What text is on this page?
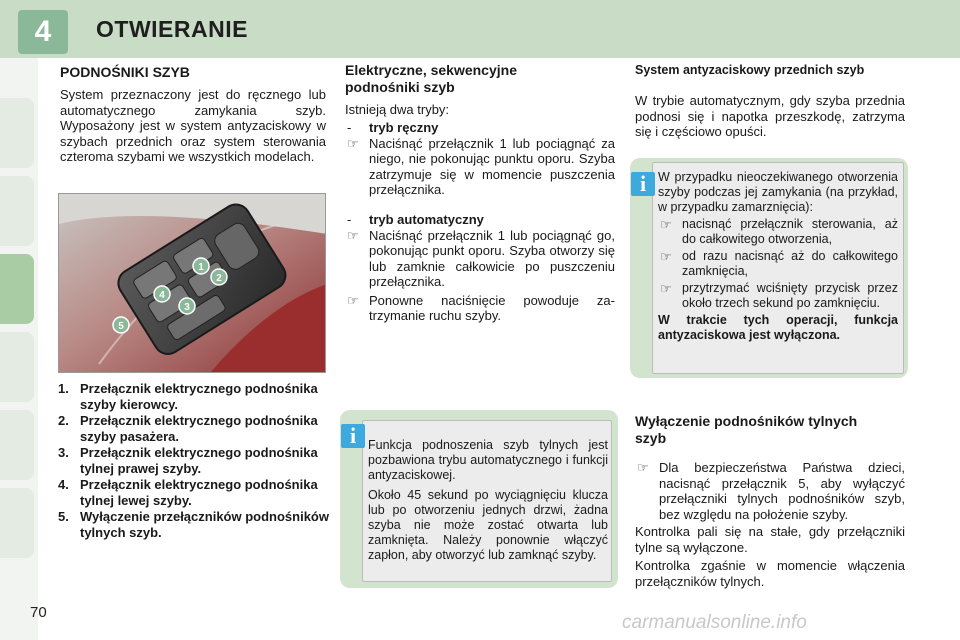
4 OTWIERANIE
PODNOŚNIKI SZYB
System przeznaczony jest do ręcznego lub automatycznego zamykania szyb. Wyposażony jest w system antyzaciskowy w szybach przednich oraz system sterowania czteroma szybami we wszystkich modelach.
1
2
3
4
5
1. Przełącznik elektrycznego podnośnika szyby kierowcy.
2. Przełącznik elektrycznego podnośnika szyby pasażera.
3. Przełącznik elektrycznego podnośnika tylnej prawej szyby.
4. Przełącznik elektrycznego podnośnika tylnej lewej szyby.
5. Wyłączenie przełączników podnośników tylnych szyb.
Elektryczne, sekwencyjne podnośniki szyb
Istnieją dwa tryby:
-	tryb ręczny
☞ Naciśnąć przełącznik 1 lub pociągnąć za niego, nie pokonując punktu oporu. Szyba zatrzymuje się w momencie puszczenia przełącznika.
-	tryb automatyczny
☞ Naciśnąć przełącznik 1 lub pociągnąć go, pokonując punkt oporu. Szyba otworzy się lub zamknie całkowicie po puszczeniu przełącznika.
☞ Ponowne naciśnięcie powoduje zatrzymanie ruchu szyby.
i Funkcja podnoszenia szyb tylnych jest pozbawiona trybu automatycznego i funkcji antyzaciskowej.
Około 45 sekund po wyciągnięciu klucza lub po otworzeniu jednych drzwi, żadna szyba nie może zostać otwarta lub zamknięta. Należy ponownie włączyć zapłon, aby otworzyć lub zamknąć szyby.
System antyzaciskowy przednich szyb
W trybie automatycznym, gdy szyba przednia podnosi się i napotka przeszkodę, zatrzyma się i częściowo opuści.
i W przypadku nieoczekiwanego otworzenia szyby podczas jej zamykania (na przykład, w przypadku zamarznięcia):
☞ nacisnąć przełącznik sterowania, aż do całkowitego otworzenia,
☞ od razu nacisnąć aż do całkowitego zamknięcia,
☞ przytrzymać wciśnięty przycisk przez około trzech sekund po zamknięciu.
W trakcie tych operacji, funkcja antyzaciskowa jest wyłączona.
Wyłączenie podnośników tylnych szyb
☞ Dla bezpieczeństwa Państwa dzieci, nacisnąć przełącznik 5, aby wyłączyć przełączniki tylnych podnośników szyb, bez względu na położenie szyby.
Kontrolka pali się na stałe, gdy przełączniki tylne są wyłączone.
Kontrolka zgaśnie w momencie włączenia przełączników tylnych.
70	carmanualsonline.info
